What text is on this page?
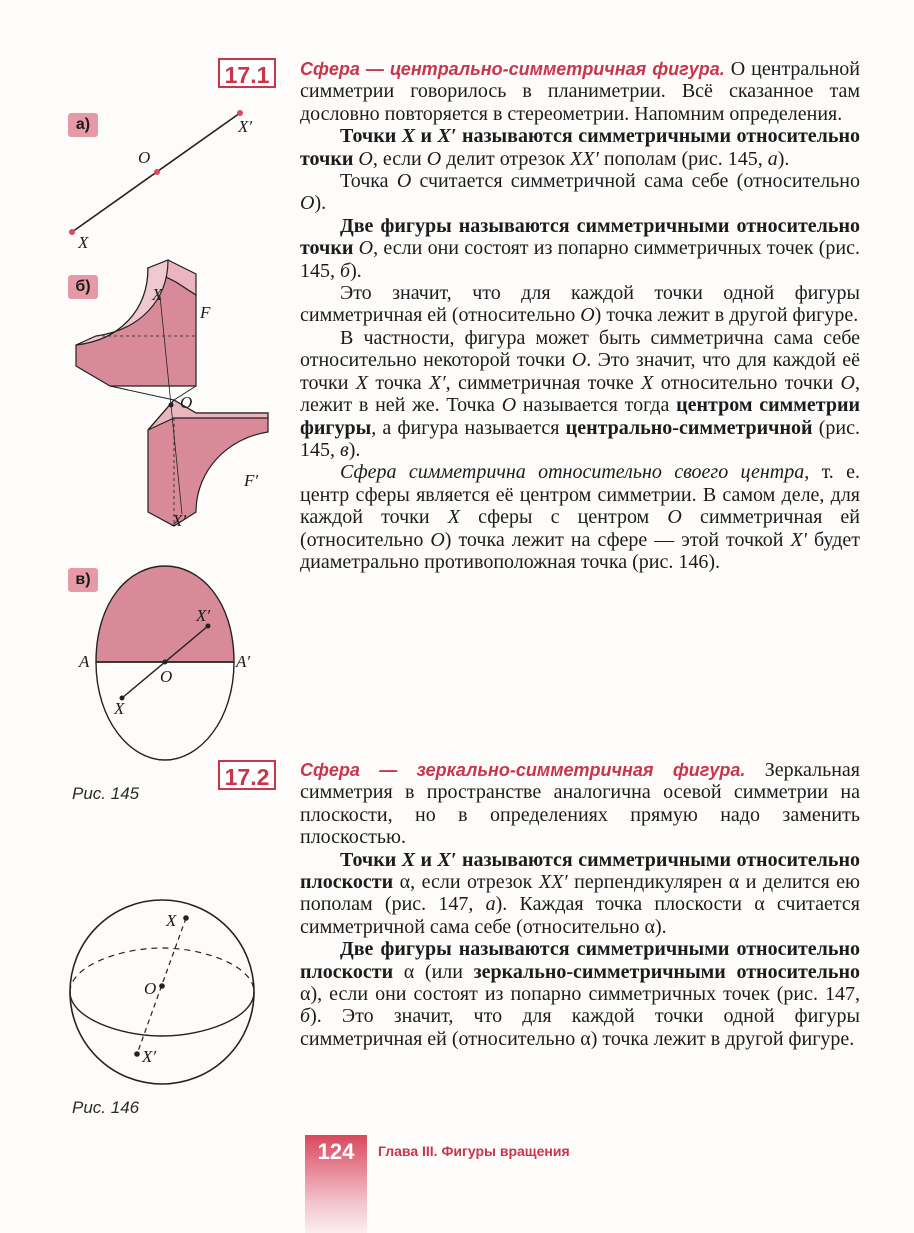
X
O
X′
X
F
O
F′
X′
A	A′
O
X′
X
X
O
X′
а)
б)
в)
Рис. 145
Рис. 146
17.1	Сфера — центрально-симметричная фигура. О центральной симметрии говорилось в планиметрии. Всё сказанное там дословно повторяется в стереометрии. Напомним определения.

Точки X и X′ называются симметричными относительно точки O, если O делит отрезок XX′ пополам (рис. 145, а).

Точка O считается симметричной сама себе (относительно O).

Две фигуры называются симметричными относительно точки O, если они состоят из попарно симметричных точек (рис. 145, б).

Это значит, что для каждой точки одной фигуры симметричная ей (относительно O) точка лежит в другой фигуре.

В частности, фигура может быть симметрична сама себе относительно некоторой точки O. Это значит, что для каждой её точки X точка X′, симметричная точке X относительно точки O, лежит в ней же. Точка O называется тогда центром симметрии фигуры, а фигура называется центрально-симметричной (рис. 145, в).

Сфера симметрична относительно своего центра, т. е. центр сферы является её центром симметрии. В самом деле, для каждой точки X сферы с центром O симметричная ей (относительно O) точка лежит на сфере — этой точкой X′ будет диаметрально противоположная точка (рис. 146).

17.2	Сфера — зеркально-симметричная фигура. Зеркальная симметрия в пространстве аналогична осевой симметрии на плоскости, но в определениях прямую надо заменить плоскостью.

Точки X и X′ называются симметричными относительно плоскости α, если отрезок XX′ перпендикулярен α и делится ею пополам (рис. 147, а). Каждая точка плоскости α считается симметричной сама себе (относительно α).

Две фигуры называются симметричными относительно плоскости α (или зеркально-симметричными относительно α), если они состоят из попарно симметричных точек (рис. 147, б). Это значит, что для каждой точки одной фигуры симметричная ей (относительно α) точка лежит в другой фигуре.

124	Глава III. Фигуры вращения
